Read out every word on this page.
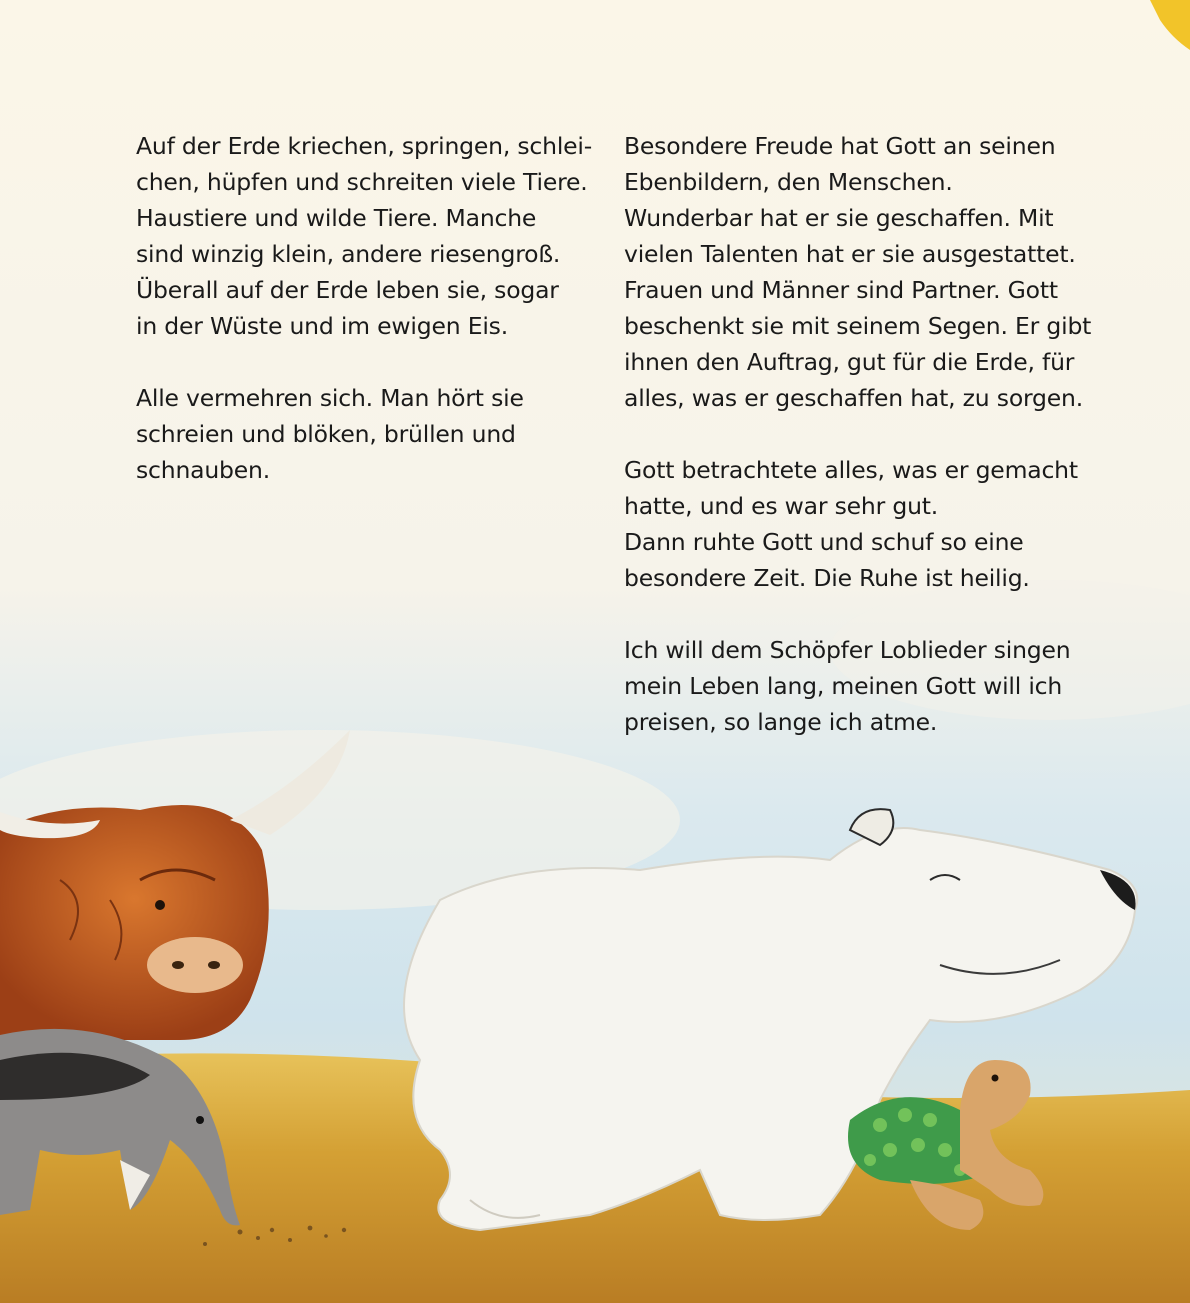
Auf der Erde kriechen, springen, schlei-
chen, hüpfen und schreiten viele Tiere.
Haustiere und wilde Tiere. Manche
sind winzig klein, andere riesengroß.
Überall auf der Erde leben sie, sogar
in der Wüste und im ewigen Eis.

Alle vermehren sich. Man hört sie
schreien und blöken, brüllen und
schnauben.

Besondere Freude hat Gott an seinen
Ebenbildern, den Menschen.
Wunderbar hat er sie geschaffen. Mit
vielen Talenten hat er sie ausgestattet.
Frauen und Männer sind Partner. Gott
beschenkt sie mit seinem Segen. Er gibt
ihnen den Auftrag, gut für die Erde, für
alles, was er geschaffen hat, zu sorgen.

Gott betrachtete alles, was er gemacht
hatte, und es war sehr gut.
Dann ruhte Gott und schuf so eine
besondere Zeit. Die Ruhe ist heilig.

Ich will dem Schöpfer Loblieder singen
mein Leben lang, meinen Gott will ich
preisen, so lange ich atme.
